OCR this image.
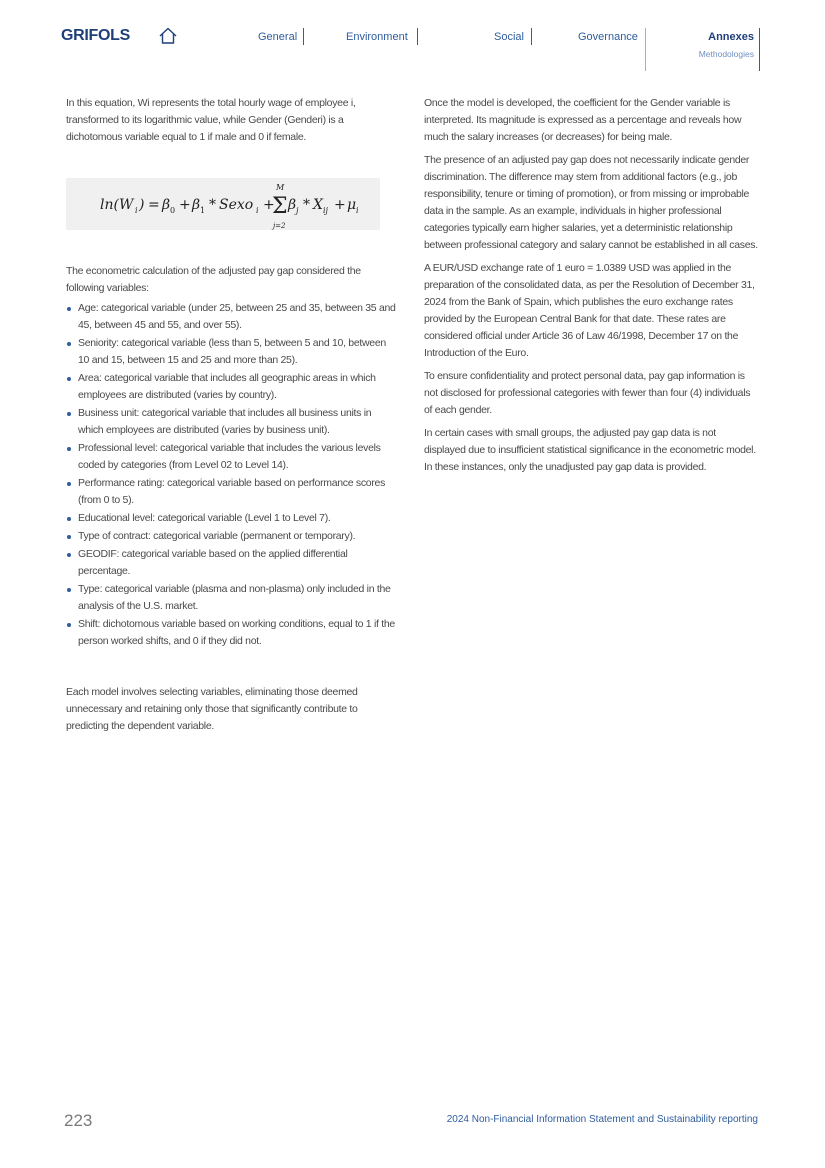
GRIFOLS	General	Environment	Social	Governance	Annexes
Methodologies

In this equation, Wi represents the total hourly wage of employee i, transformed to its logarithmic value, while Gender (Genderi) is a dichotomous variable equal to 1 if male and 0 if female.

ln(W i ) = β 0 + β 1 * Sexo i +
Σ
M
j=2
β j * X ij + μ i

The econometric calculation of the adjusted pay gap considered the following variables:

Age: categorical variable (under 25, between 25 and 35, between 35 and 45, between 45 and 55, and over 55).
Seniority: categorical variable (less than 5, between 5 and 10, between 10 and 15, between 15 and 25 and more than 25).
Area: categorical variable that includes all geographic areas in which employees are distributed (varies by country).
Business unit: categorical variable that includes all business units in which employees are distributed (varies by business unit).
Professional level: categorical variable that includes the various levels coded by categories (from Level 02 to Level 14).
Performance rating: categorical variable based on performance scores (from 0 to 5).
Educational level: categorical variable (Level 1 to Level 7).
Type of contract: categorical variable (permanent or temporary).
GEODIF: categorical variable based on the applied differential percentage.
Type: categorical variable (plasma and non-plasma) only included in the analysis of the U.S. market.
Shift: dichotomous variable based on working conditions, equal to 1 if the person worked shifts, and 0 if they did not.

Each model involves selecting variables, eliminating those deemed unnecessary and retaining only those that significantly contribute to predicting the dependent variable.

Once the model is developed, the coefficient for the Gender variable is interpreted. Its magnitude is expressed as a percentage and reveals how much the salary increases (or decreases) for being male.

The presence of an adjusted pay gap does not necessarily indicate gender discrimination. The difference may stem from additional factors (e.g., job responsibility, tenure or timing of promotion), or from missing or improbable data in the sample. As an example, individuals in higher professional categories typically earn higher salaries, yet a deterministic relationship between professional category and salary cannot be established in all cases.

A EUR/USD exchange rate of 1 euro = 1.0389 USD was applied in the preparation of the consolidated data, as per the Resolution of December 31, 2024 from the Bank of Spain, which publishes the euro exchange rates provided by the European Central Bank for that date. These rates are considered official under Article 36 of Law 46/1998, December 17 on the Introduction of the Euro.

To ensure confidentiality and protect personal data, pay gap information is not disclosed for professional categories with fewer than four (4) individuals of each gender.

In certain cases with small groups, the adjusted pay gap data is not displayed due to insufficient statistical significance in the econometric model. In these instances, only the unadjusted pay gap data is provided.

223	2024 Non-Financial Information Statement and Sustainability reporting
